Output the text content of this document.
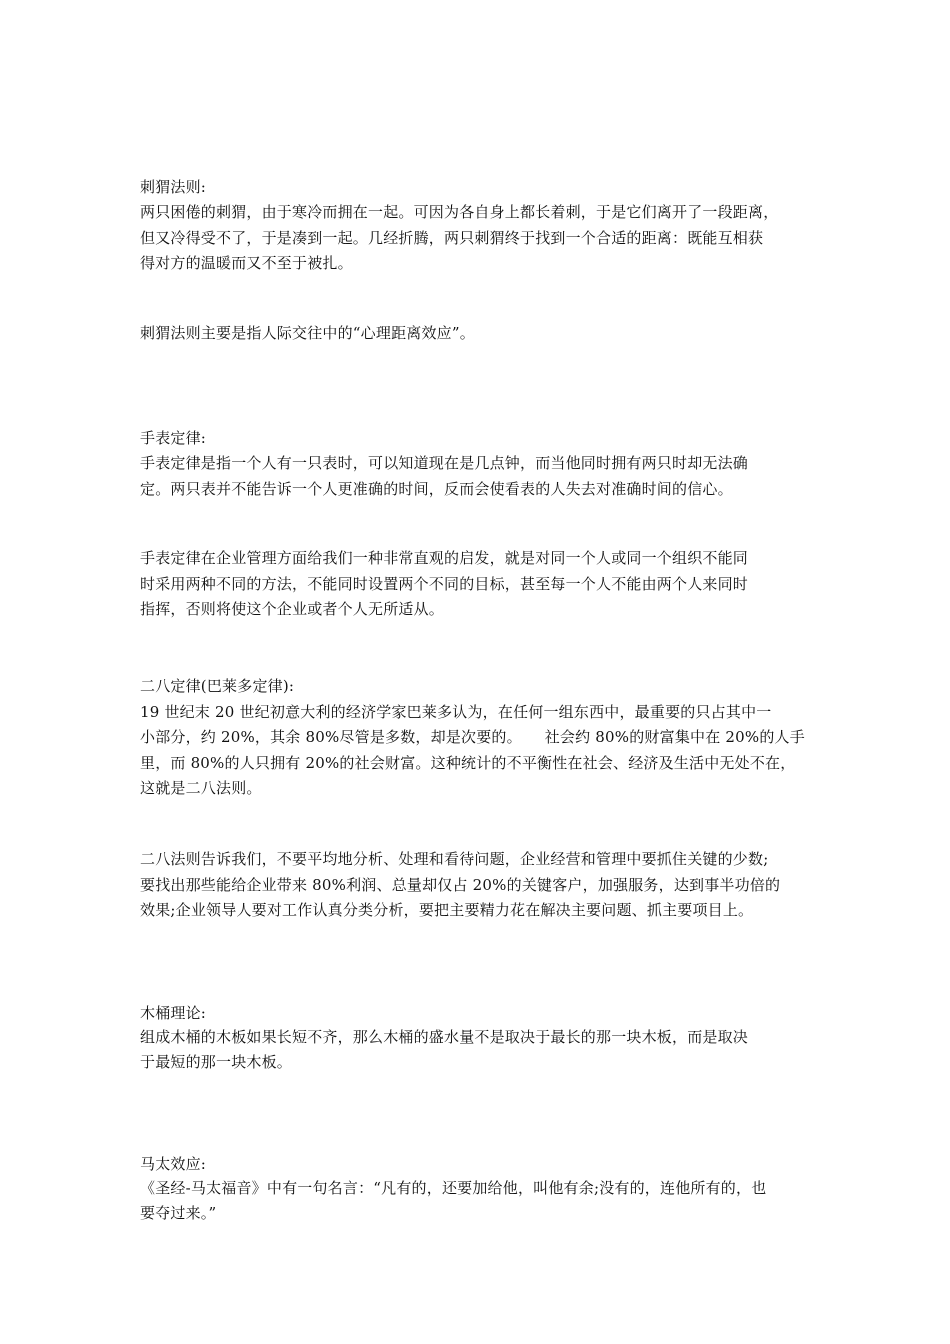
刺猬法则:
两只困倦的刺猬，由于寒冷而拥在一起。可因为各自身上都长着刺，于是它们离开了一段距离，
但又冷得受不了，于是凑到一起。几经折腾，两只刺猬终于找到一个合适的距离：既能互相获
得对方的温暖而又不至于被扎。
刺猬法则主要是指人际交往中的“心理距离效应”。
手表定律:
手表定律是指一个人有一只表时，可以知道现在是几点钟，而当他同时拥有两只时却无法确
定。两只表并不能告诉一个人更准确的时间，反而会使看表的人失去对准确时间的信心。
手表定律在企业管理方面给我们一种非常直观的启发，就是对同一个人或同一个组织不能同
时采用两种不同的方法，不能同时设置两个不同的目标，甚至每一个人不能由两个人来同时
指挥，否则将使这个企业或者个人无所适从。
二八定律(巴莱多定律):
19 世纪末 20 世纪初意大利的经济学家巴莱多认为，在任何一组东西中，最重要的只占其中一
小部分，约 20%，其余 80%尽管是多数，却是次要的。　　社会约 80%的财富集中在 20%的人手
里，而 80%的人只拥有 20%的社会财富。这种统计的不平衡性在社会、经济及生活中无处不在，
这就是二八法则。
二八法则告诉我们，不要平均地分析、处理和看待问题，企业经营和管理中要抓住关键的少数;
要找出那些能给企业带来 80%利润、总量却仅占 20%的关键客户，加强服务，达到事半功倍的
效果;企业领导人要对工作认真分类分析，要把主要精力花在解决主要问题、抓主要项目上。
木桶理论:
组成木桶的木板如果长短不齐，那么木桶的盛水量不是取决于最长的那一块木板，而是取决
于最短的那一块木板。
马太效应:
《圣经-马太福音》中有一句名言：“凡有的，还要加给他，叫他有余;没有的，连他所有的，也
要夺过来。”
